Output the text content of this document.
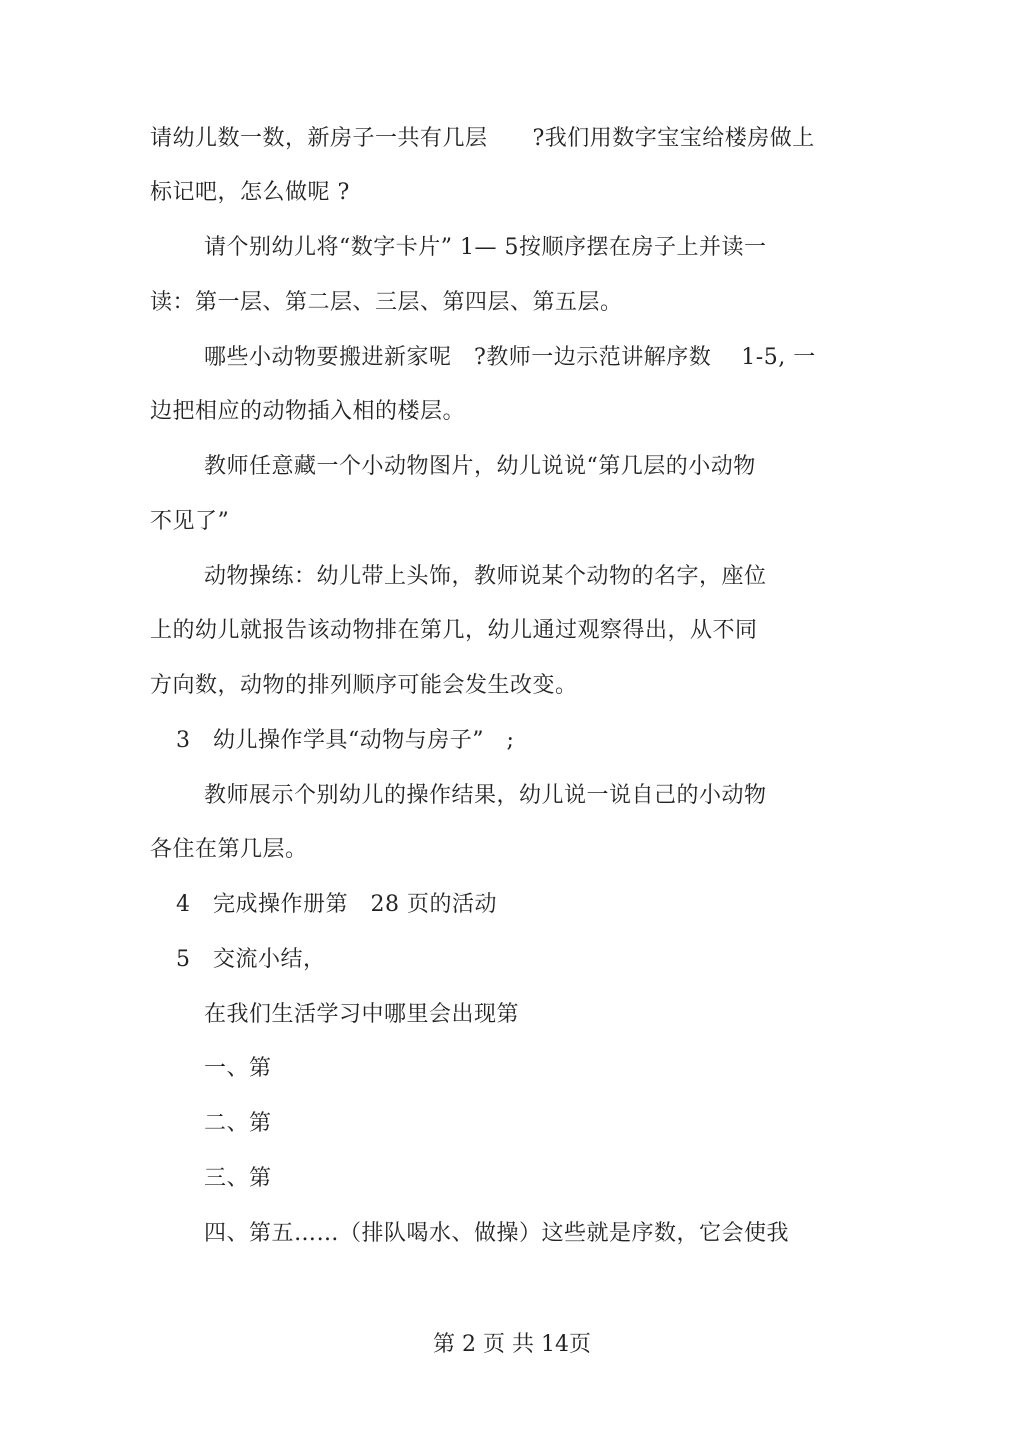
请幼儿数一数，新房子一共有几层　　?我们用数字宝宝给楼房做上
标记吧，怎么做呢 ?
请个别幼儿将“数字卡片” 1— 5按顺序摆在房子上并读一
读：第一层、第二层、三层、第四层、第五层。
哪些小动物要搬进新家呢　?教师一边示范讲解序数　 1-5, 一
边把相应的动物插入相的楼层。
教师任意藏一个小动物图片，幼儿说说“第几层的小动物
不见了”
动物操练：幼儿带上头饰，教师说某个动物的名字，座位
上的幼儿就报告该动物排在第几，幼儿通过观察得出，从不同
方向数，动物的排列顺序可能会发生改变。
3　幼儿操作学具“动物与房子”　;
教师展示个别幼儿的操作结果，幼儿说一说自己的小动物
各住在第几层。
4　完成操作册第　28 页的活动
5　交流小结，
在我们生活学习中哪里会出现第
一、第
二、第
三、第
四、第五……（排队喝水、做操）这些就是序数，它会使我
第 2 页 共 14页
